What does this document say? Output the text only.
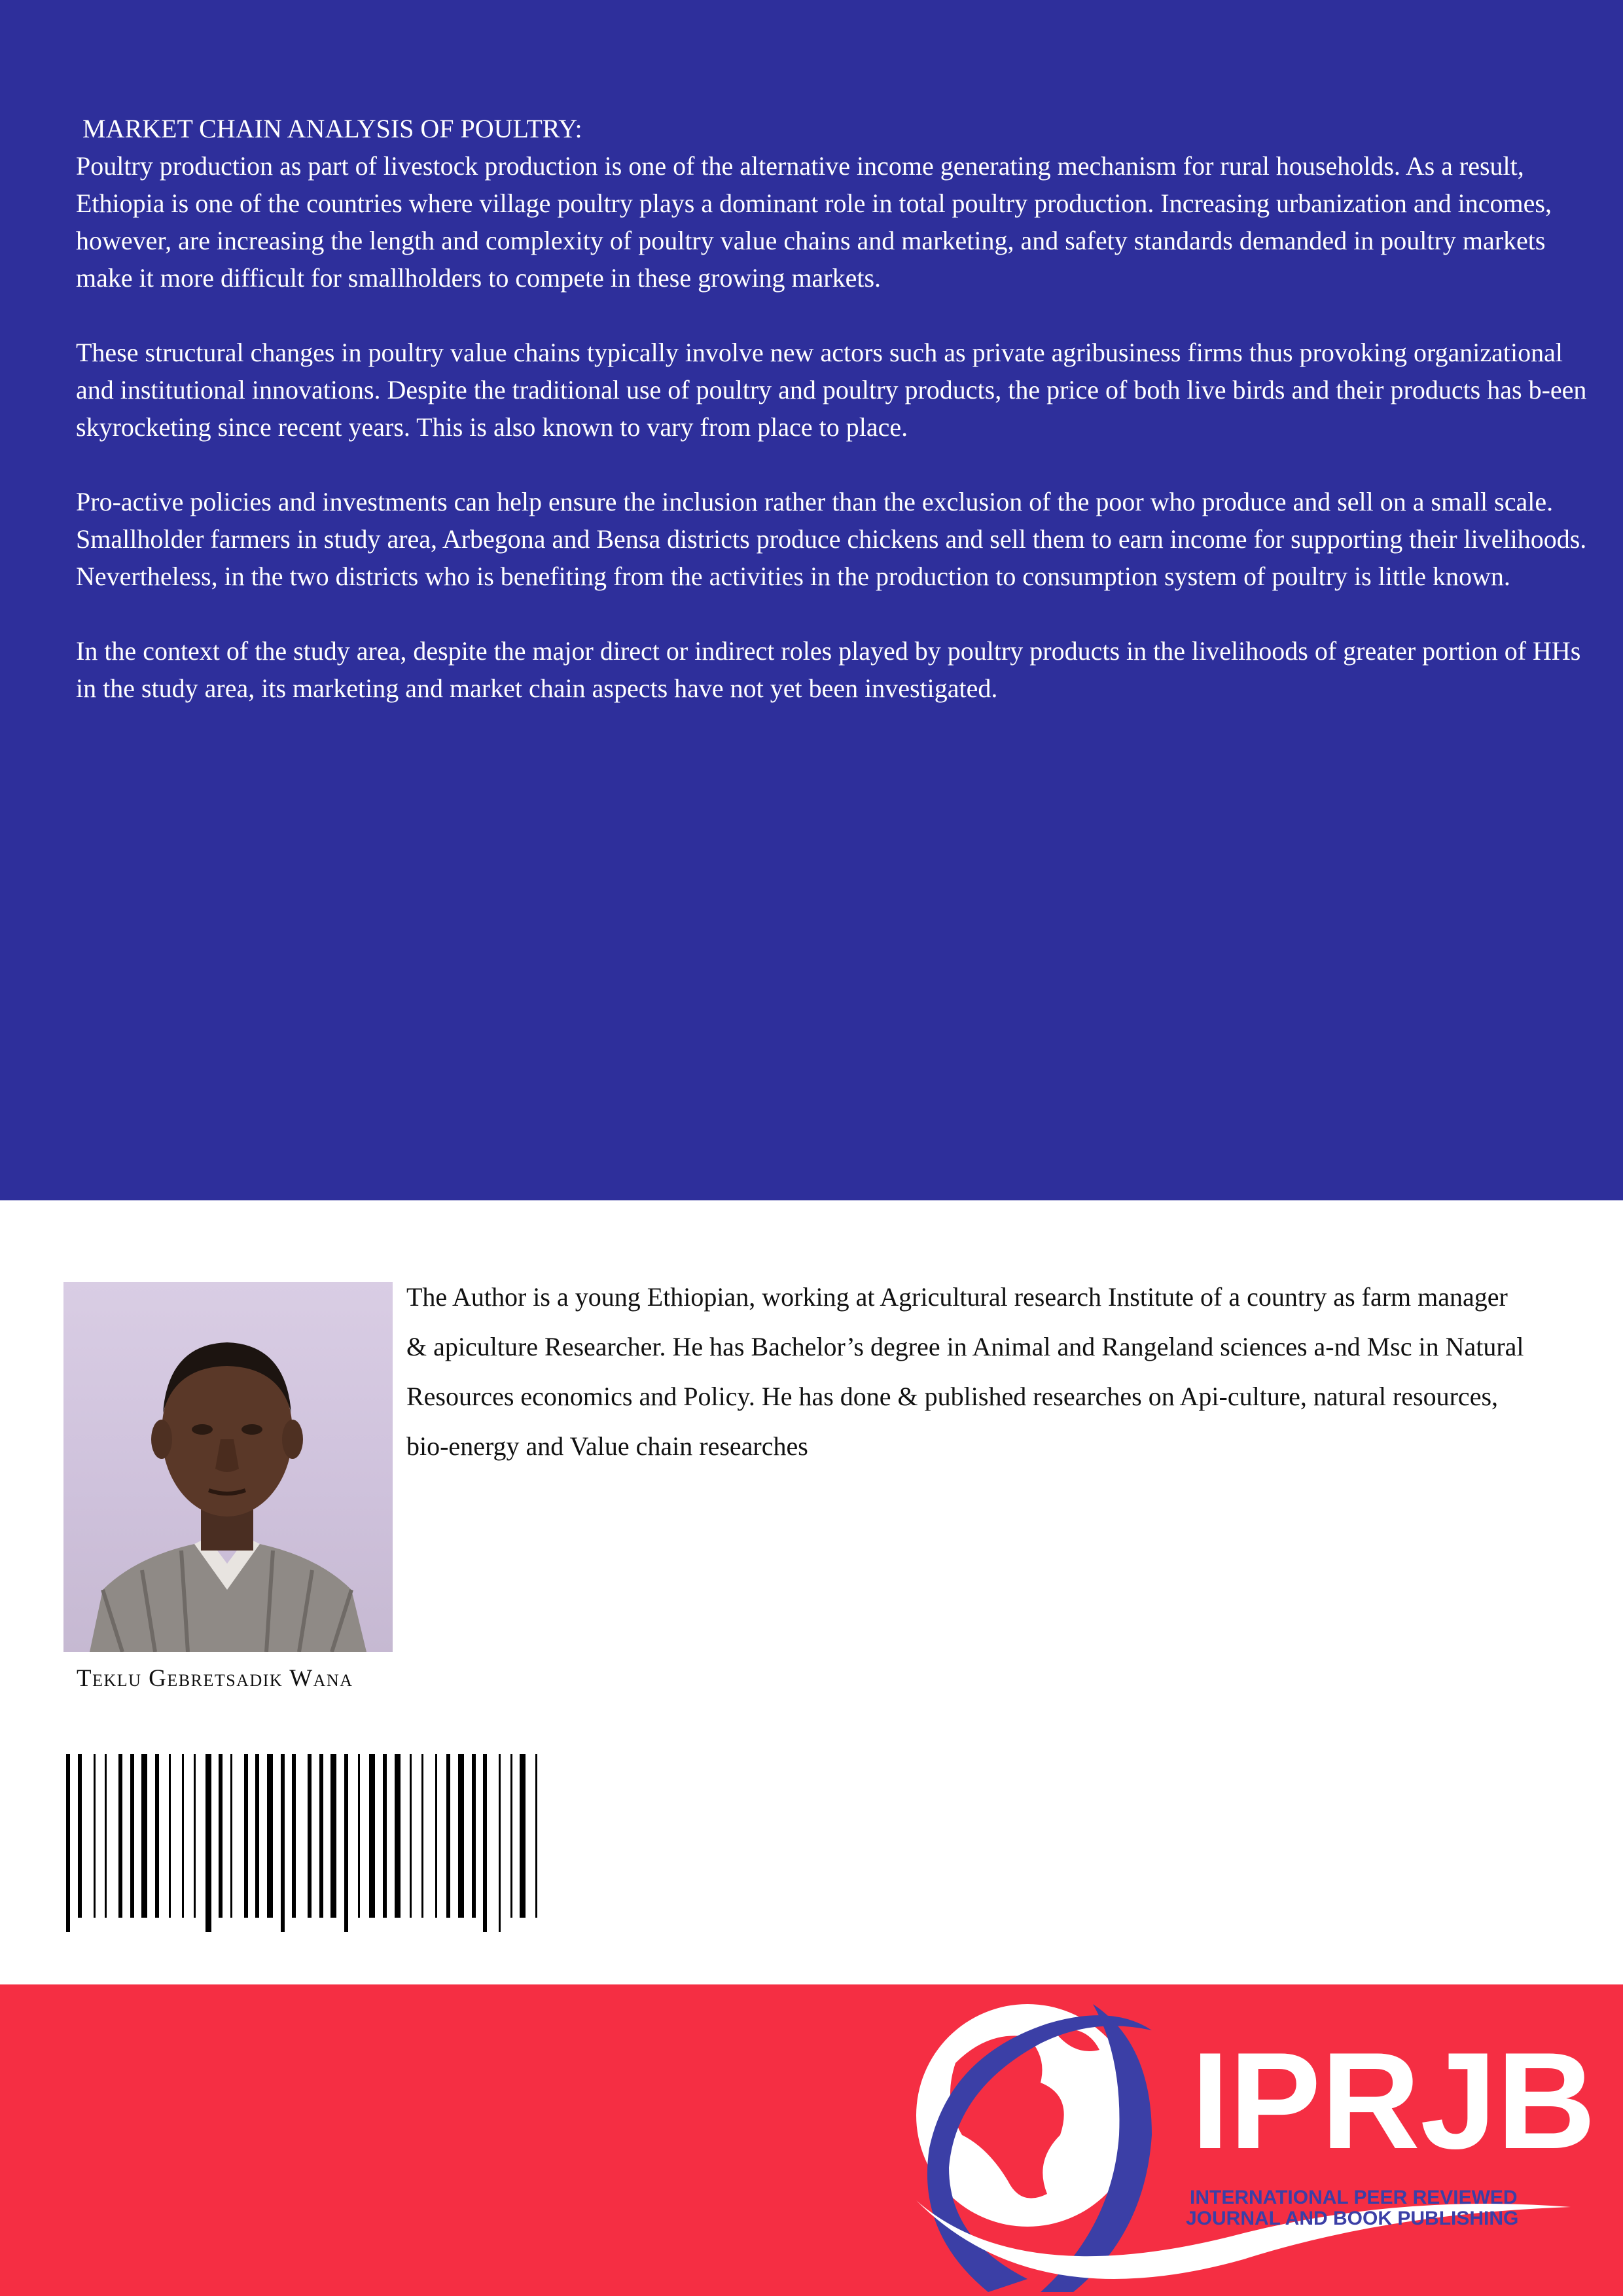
MARKET CHAIN ANALYSIS OF POULTRY:

Poultry production as part of livestock production is one of the alternative income generating mechanism for rural households. As a result, Ethiopia is one of the countries where village poultry plays a dominant role in total poultry production. Increasing urbanization and incomes, however, are increasing the length and complexity of poultry value chains and marketing, and safety standards demanded in poultry markets make it more difficult for smallholders to compete in these growing markets.

These structural changes in poultry value chains typically involve new actors such as private agribusiness firms thus provoking organizational and institutional innovations. Despite the traditional use of poultry and poultry products, the price of both live birds and their products has b-een skyrocketing since recent years. This is also known to vary from place to place.

Pro-active policies and investments can help ensure the inclusion rather than the exclusion of the poor who produce and sell on a small scale. Smallholder farmers in study area, Arbegona and Bensa districts produce chickens and sell them to earn income for supporting their livelihoods. Nevertheless, in the two districts who is benefiting from the activities in the production to consumption system of poultry is little known.

In the context of the study area, despite the major direct or indirect roles played by poultry products in the livelihoods of greater portion of HHs in the study area, its marketing and market chain aspects have not yet been investigated.

The Author is a young Ethiopian, working at Agricultural research Institute of a country as farm manager & apiculture Researcher. He has Bachelor’s degree in Animal and Rangeland sciences a-nd Msc in Natural Resources economics and Policy. He has done & published researches on Api-culture, natural resources, bio-energy and Value chain researches
Teklu Gebretsadik Wana
IPRJB
INTERNATIONAL PEER REVIEWED
JOURNAL AND BOOK PUBLISHING
